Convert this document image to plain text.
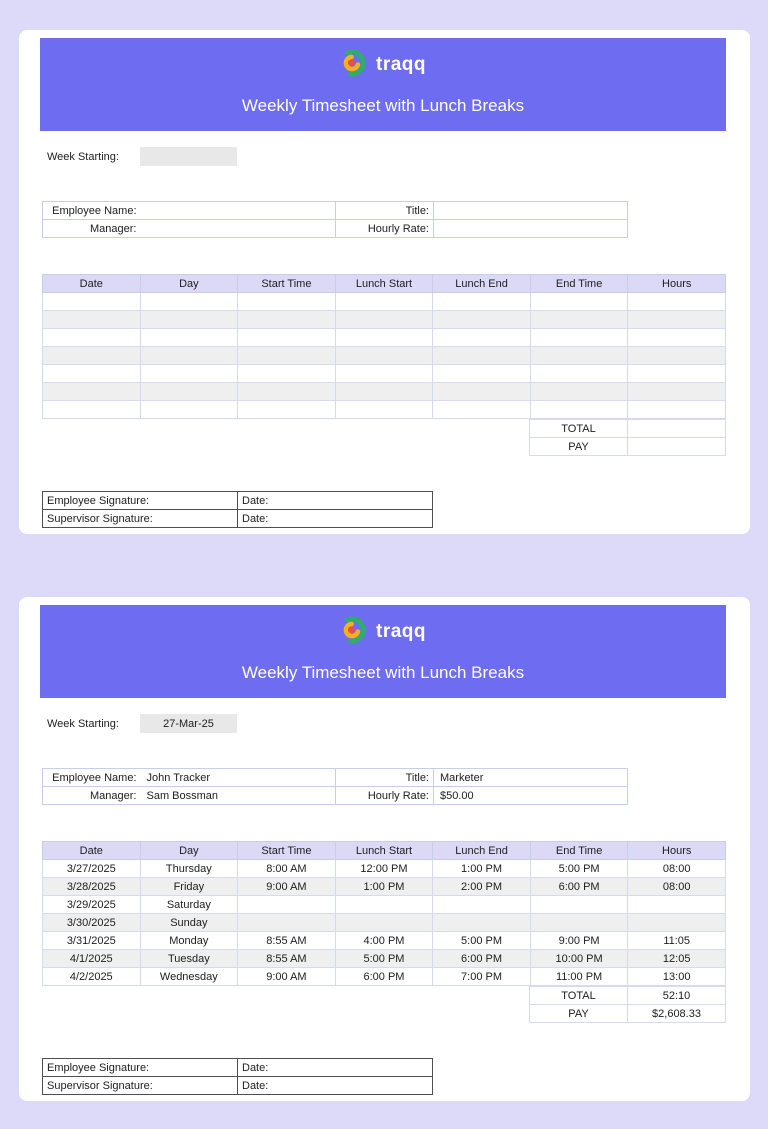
traqq
Weekly Timesheet with Lunch Breaks
Week Starting:
Employee Name:		Title:	
Manager:		Hourly Rate:	
Date	Day	Start Time	Lunch Start	Lunch End	End Time	Hours

TOTAL	
PAY	
Employee Signature:	Date:
Supervisor Signature:	Date:
traqq
Weekly Timesheet with Lunch Breaks
Week Starting:	27-Mar-25
Employee Name:	John Tracker	Title:	Marketer
Manager:	Sam Bossman	Hourly Rate:	$50.00
Date	Day	Start Time	Lunch Start	Lunch End	End Time	Hours
3/27/2025	Thursday	8:00 AM	12:00 PM	1:00 PM	5:00 PM	08:00
3/28/2025	Friday	9:00 AM	1:00 PM	2:00 PM	6:00 PM	08:00
3/29/2025	Saturday					
3/30/2025	Sunday					
3/31/2025	Monday	8:55 AM	4:00 PM	5:00 PM	9:00 PM	11:05
4/1/2025	Tuesday	8:55 AM	5:00 PM	6:00 PM	10:00 PM	12:05
4/2/2025	Wednesday	9:00 AM	6:00 PM	7:00 PM	11:00 PM	13:00
TOTAL	52:10
PAY	$2,608.33
Employee Signature:	Date:
Supervisor Signature:	Date:
